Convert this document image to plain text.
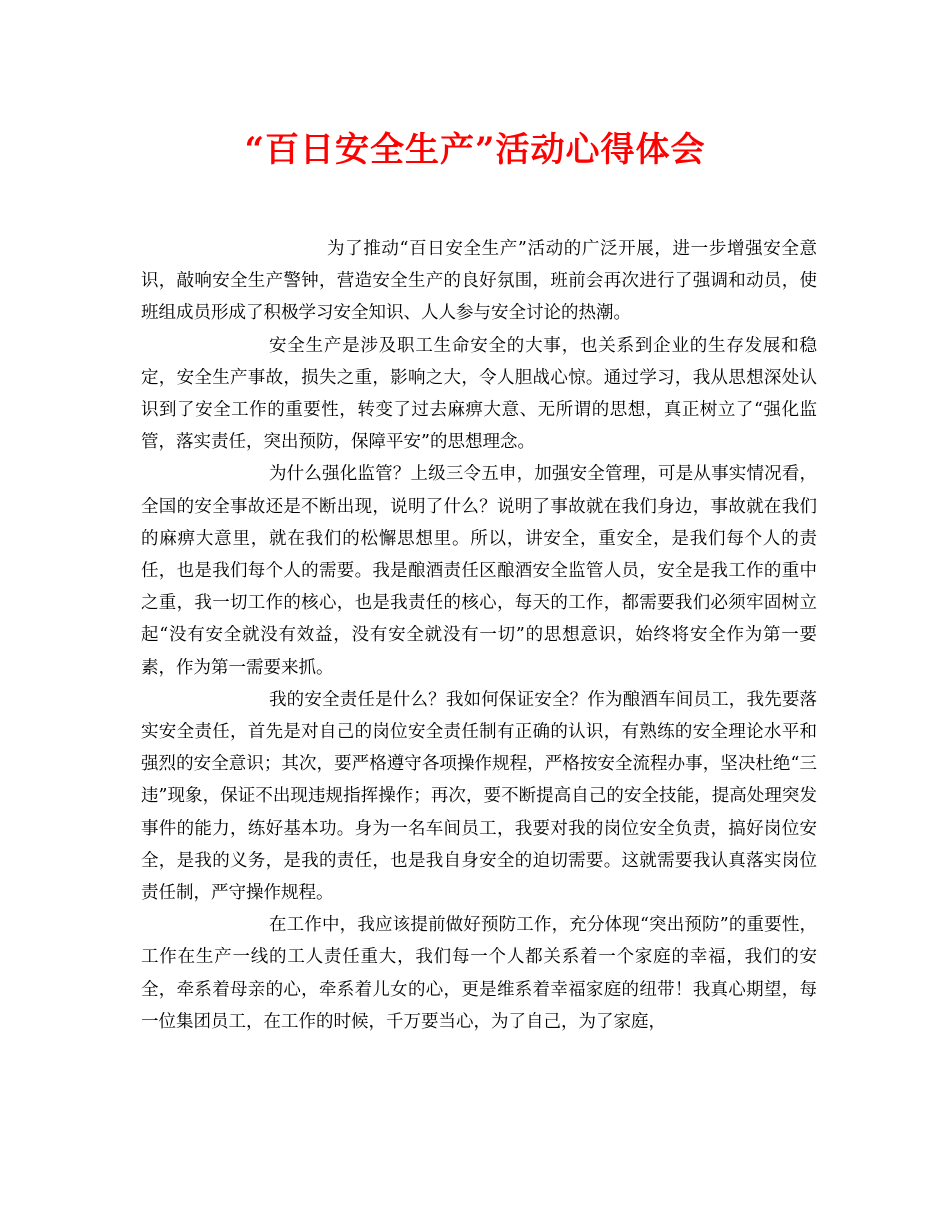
“百日安全生产”活动心得体会

为了推动“百日安全生产”活动的广泛开展，进一步增强安全意识，敲响安全生产警钟，营造安全生产的良好氛围，班前会再次进行了强调和动员，使班组成员形成了积极学习安全知识、人人参与安全讨论的热潮。

安全生产是涉及职工生命安全的大事，也关系到企业的生存发展和稳定，安全生产事故，损失之重，影响之大，令人胆战心惊。通过学习，我从思想深处认识到了安全工作的重要性，转变了过去麻痹大意、无所谓的思想，真正树立了“强化监管，落实责任，突出预防，保障平安”的思想理念。

为什么强化监管？上级三令五申，加强安全管理，可是从事实情况看，全国的安全事故还是不断出现，说明了什么？说明了事故就在我们身边，事故就在我们的麻痹大意里，就在我们的松懈思想里。所以，讲安全，重安全，是我们每个人的责任，也是我们每个人的需要。我是酿酒责任区酿酒安全监管人员，安全是我工作的重中之重，我一切工作的核心，也是我责任的核心，每天的工作，都需要我们必须牢固树立起“没有安全就没有效益，没有安全就没有一切”的思想意识，始终将安全作为第一要素，作为第一需要来抓。

我的安全责任是什么？我如何保证安全？作为酿酒车间员工，我先要落实安全责任，首先是对自己的岗位安全责任制有正确的认识，有熟练的安全理论水平和强烈的安全意识；其次，要严格遵守各项操作规程，严格按安全流程办事，坚决杜绝“三违”现象，保证不出现违规指挥操作；再次，要不断提高自己的安全技能，提高处理突发事件的能力，练好基本功。身为一名车间员工，我要对我的岗位安全负责，搞好岗位安全，是我的义务，是我的责任，也是我自身安全的迫切需要。这就需要我认真落实岗位责任制，严守操作规程。

在工作中，我应该提前做好预防工作，充分体现“突出预防”的重要性，工作在生产一线的工人责任重大，我们每一个人都关系着一个家庭的幸福，我们的安全，牵系着母亲的心，牵系着儿女的心，更是维系着幸福家庭的纽带！我真心期望，每一位集团员工，在工作的时候，千万要当心，为了自己，为了家庭，
